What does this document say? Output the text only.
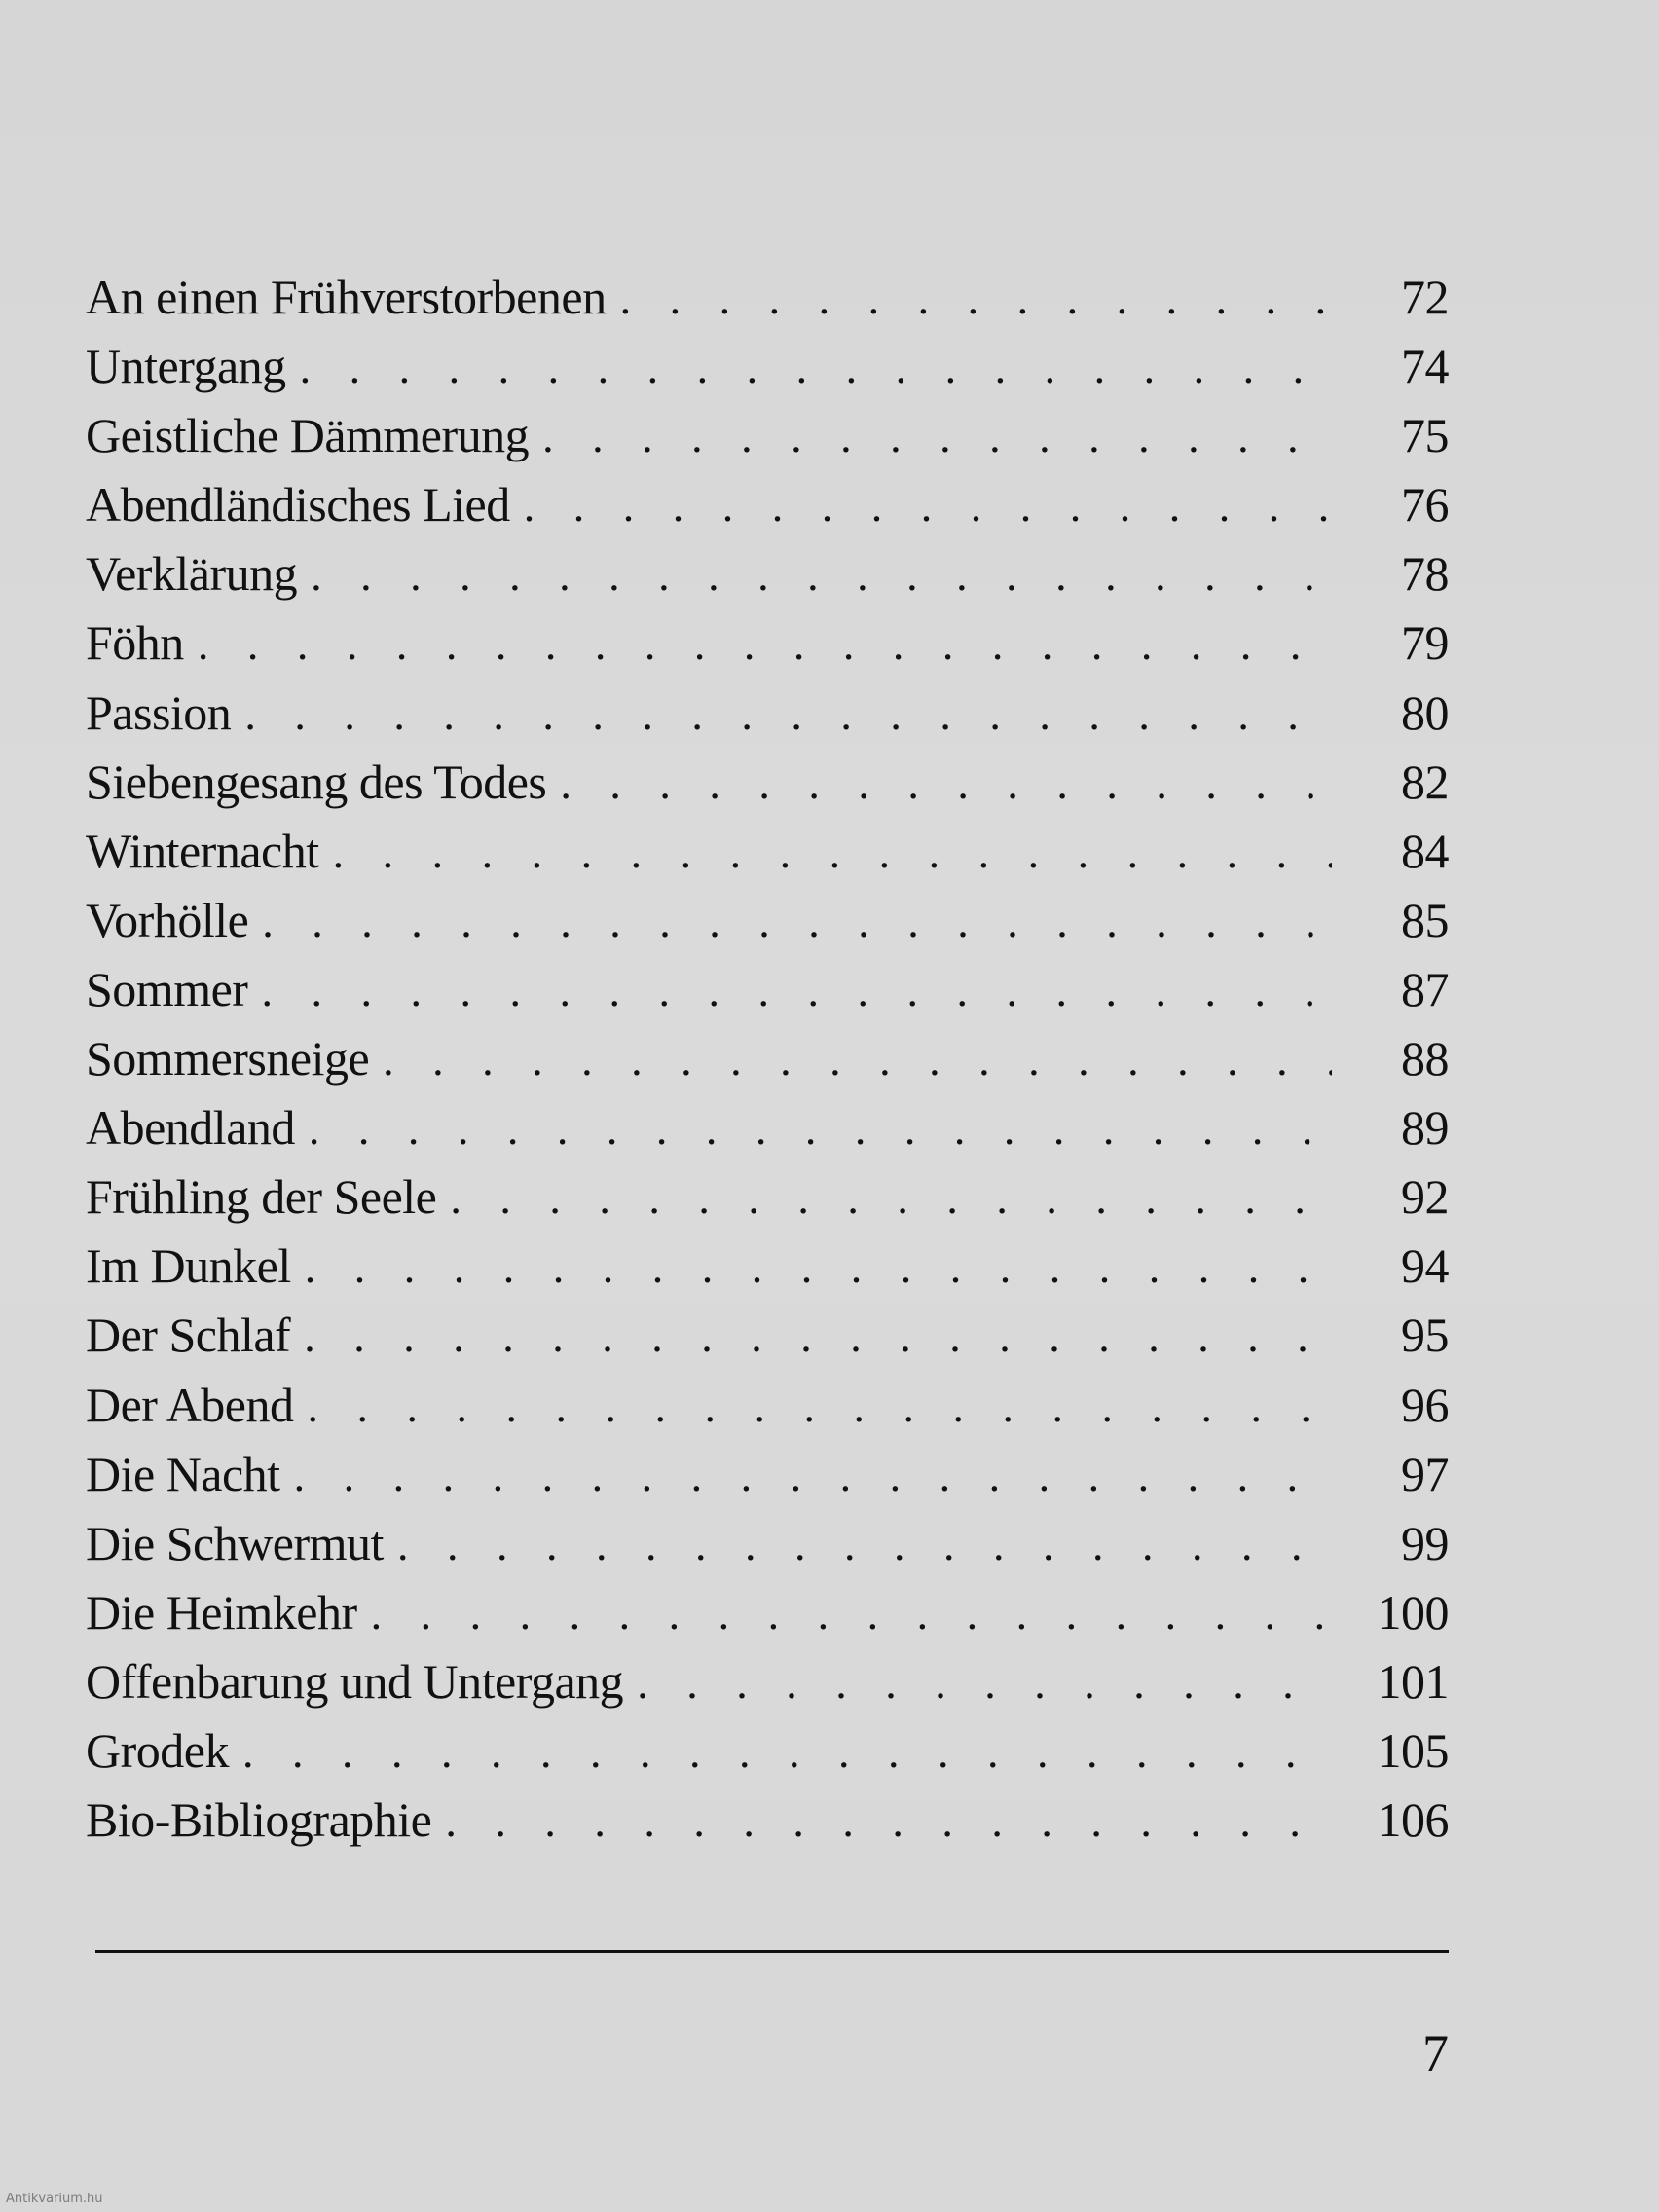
An einen Frühverstorbenen . . .	72
Untergang . . .	74
Geistliche Dämmerung . . .	75
Abendländisches Lied . . .	76
Verklärung . . .	78
Föhn . . .	79
Passion . . .	80
Siebengesang des Todes . . .	82
Winternacht . . .	84
Vorhölle . . .	85
Sommer . . .	87
Sommersneige . . .	88
Abendland . . .	89
Frühling der Seele . . .	92
Im Dunkel . . .	94
Der Schlaf . . .	95
Der Abend . . .	96
Die Nacht . . .	97
Die Schwermut . . .	99
Die Heimkehr . . .	100
Offenbarung und Untergang . . .	101
Grodek . . .	105
Bio-Bibliographie . . .	106
7
Antikvarium.hu
